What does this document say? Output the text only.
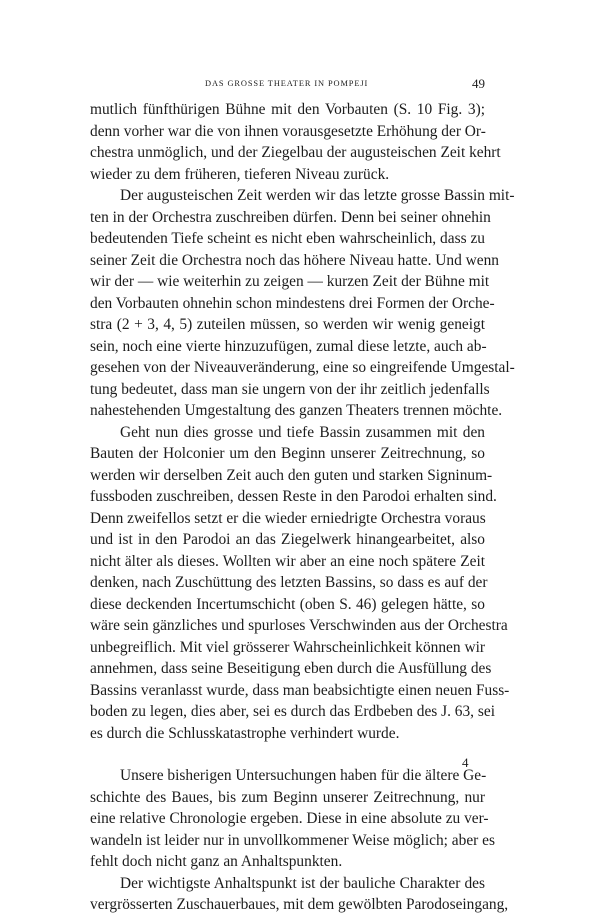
DAS GROSSE THEATER IN POMPEJI	49
mutlich fünfthürigen Bühne mit den Vorbauten (S. 10 Fig. 3);
denn vorher war die von ihnen vorausgesetzte Erhöhung der Or-
chestra unmöglich, und der Ziegelbau der augusteischen Zeit kehrt
wieder zu dem früheren, tieferen Niveau zurück.
Der augusteischen Zeit werden wir das letzte grosse Bassin mit-
ten in der Orchestra zuschreiben dürfen. Denn bei seiner ohnehin
bedeutenden Tiefe scheint es nicht eben wahrscheinlich, dass zu
seiner Zeit die Orchestra noch das höhere Niveau hatte. Und wenn
wir der — wie weiterhin zu zeigen — kurzen Zeit der Bühne mit
den Vorbauten ohnehin schon mindestens drei Formen der Orche-
stra (2 + 3, 4, 5) zuteilen müssen, so werden wir wenig geneigt
sein, noch eine vierte hinzuzufügen, zumal diese letzte, auch ab-
gesehen von der Niveauveränderung, eine so eingreifende Umgestal-
tung bedeutet, dass man sie ungern von der ihr zeitlich jedenfalls
nahestehenden Umgestaltung des ganzen Theaters trennen möchte.
Geht nun dies grosse und tiefe Bassin zusammen mit den
Bauten der Holconier um den Beginn unserer Zeitrechnung, so
werden wir derselben Zeit auch den guten und starken Signinum-
fussboden zuschreiben, dessen Reste in den Parodoi erhalten sind.
Denn zweifellos setzt er die wieder erniedrigte Orchestra voraus
und ist in den Parodoi an das Ziegelwerk hinangearbeitet, also
nicht älter als dieses. Wollten wir aber an eine noch spätere Zeit
denken, nach Zuschüttung des letzten Bassins, so dass es auf der
diese deckenden Incertumschicht (oben S. 46) gelegen hätte, so
wäre sein gänzliches und spurloses Verschwinden aus der Orchestra
unbegreiflich. Mit viel grösserer Wahrscheinlichkeit können wir
annehmen, dass seine Beseitigung eben durch die Ausfüllung des
Bassins veranlasst wurde, dass man beabsichtigte einen neuen Fuss-
boden zu legen, dies aber, sei es durch das Erdbeben des J. 63, sei
es durch die Schlusskatastrophe verhindert wurde.
Unsere bisherigen Untersuchungen haben für die ältere Ge-
schichte des Baues, bis zum Beginn unserer Zeitrechnung, nur
eine relative Chronologie ergeben. Diese in eine absolute zu ver-
wandeln ist leider nur in unvollkommener Weise möglich; aber es
fehlt doch nicht ganz an Anhaltspunkten.
Der wichtigste Anhaltspunkt ist der bauliche Charakter des
vergrösserten Zuschauerbaues, mit dem gewölbten Parodoseingang,
4
